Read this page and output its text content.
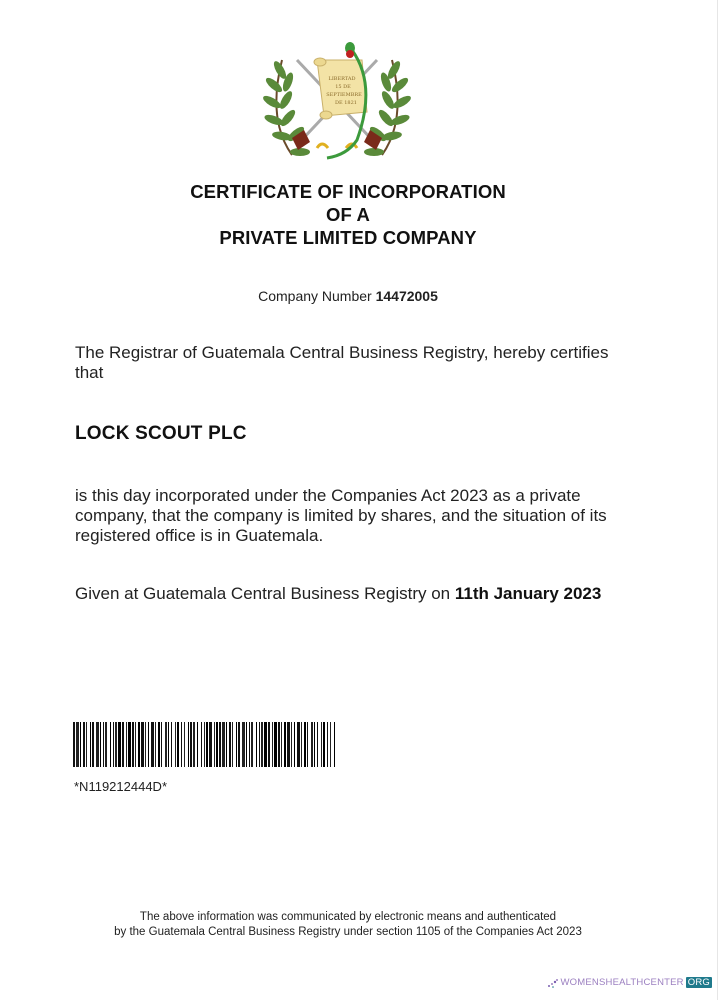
LIBERTAD
15 DE
SEPTIEMBRE
DE 1821
CERTIFICATE OF INCORPORATION
OF A
PRIVATE LIMITED COMPANY
Company Number 14472005
The Registrar of Guatemala Central Business Registry, hereby certifies that
LOCK SCOUT PLC
is this day incorporated under the Companies Act 2023 as a private company, that the company is limited by shares, and the situation of its registered office is in Guatemala.
Given at Guatemala Central Business Registry on 11th January 2023
*N119212444D*
The above information was communicated by electronic means and authenticated
by the Guatemala Central Business Registry under section 1105 of the Companies Act 2023
WOMENSHEALTHCENTER ORG
